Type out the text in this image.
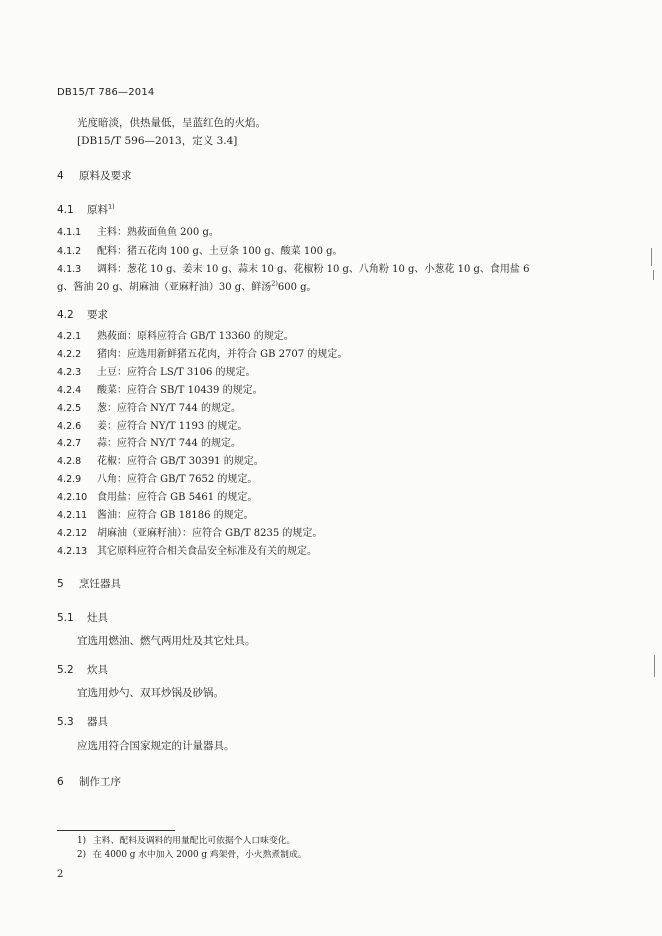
DB15/T 786—2014
光度暗淡，供热量低，呈蓝红色的火焰。
[DB15/T 596—2013，定义 3.4]
4 原料及要求
4.1 原料$^{1)}$
4.1.1 主料：熟莜面鱼鱼 200 g。
4.1.2 配料：猪五花肉 100 g、土豆条 100 g、酸菜 100 g。
4.1.3 调料：葱花 10 g、姜末 10 g、蒜末 10 g、花椒粉 10 g、八角粉 10 g、小葱花 10 g、食用盐 6
g、酱油 20 g、胡麻油（亚麻籽油）30 g、鲜汤$^{2)}$600 g。
4.2 要求
4.2.1 熟莜面：原料应符合 GB/T 13360 的规定。
4.2.2 猪肉：应选用新鲜猪五花肉，并符合 GB 2707 的规定。
4.2.3 土豆：应符合 LS/T 3106 的规定。
4.2.4 酸菜：应符合 SB/T 10439 的规定。
4.2.5 葱：应符合 NY/T 744 的规定。
4.2.6 姜：应符合 NY/T 1193 的规定。
4.2.7 蒜：应符合 NY/T 744 的规定。
4.2.8 花椒：应符合 GB/T 30391 的规定。
4.2.9 八角：应符合 GB/T 7652 的规定。
4.2.10 食用盐：应符合 GB 5461 的规定。
4.2.11 酱油：应符合 GB 18186 的规定。
4.2.12 胡麻油（亚麻籽油）：应符合 GB/T 8235 的规定。
4.2.13 其它原料应符合相关食品安全标准及有关的规定。
5 烹饪器具
5.1 灶具
宜选用燃油、燃气两用灶及其它灶具。
5.2 炊具
宜选用炒勺、双耳炒锅及砂锅。
5.3 器具
应选用符合国家规定的计量器具。
6 制作工序
1) 主料、配料及调料的用量配比可依据个人口味变化。
2) 在 4000 g 水中加入 2000 g 鸡架骨，小火熬煮制成。
2
